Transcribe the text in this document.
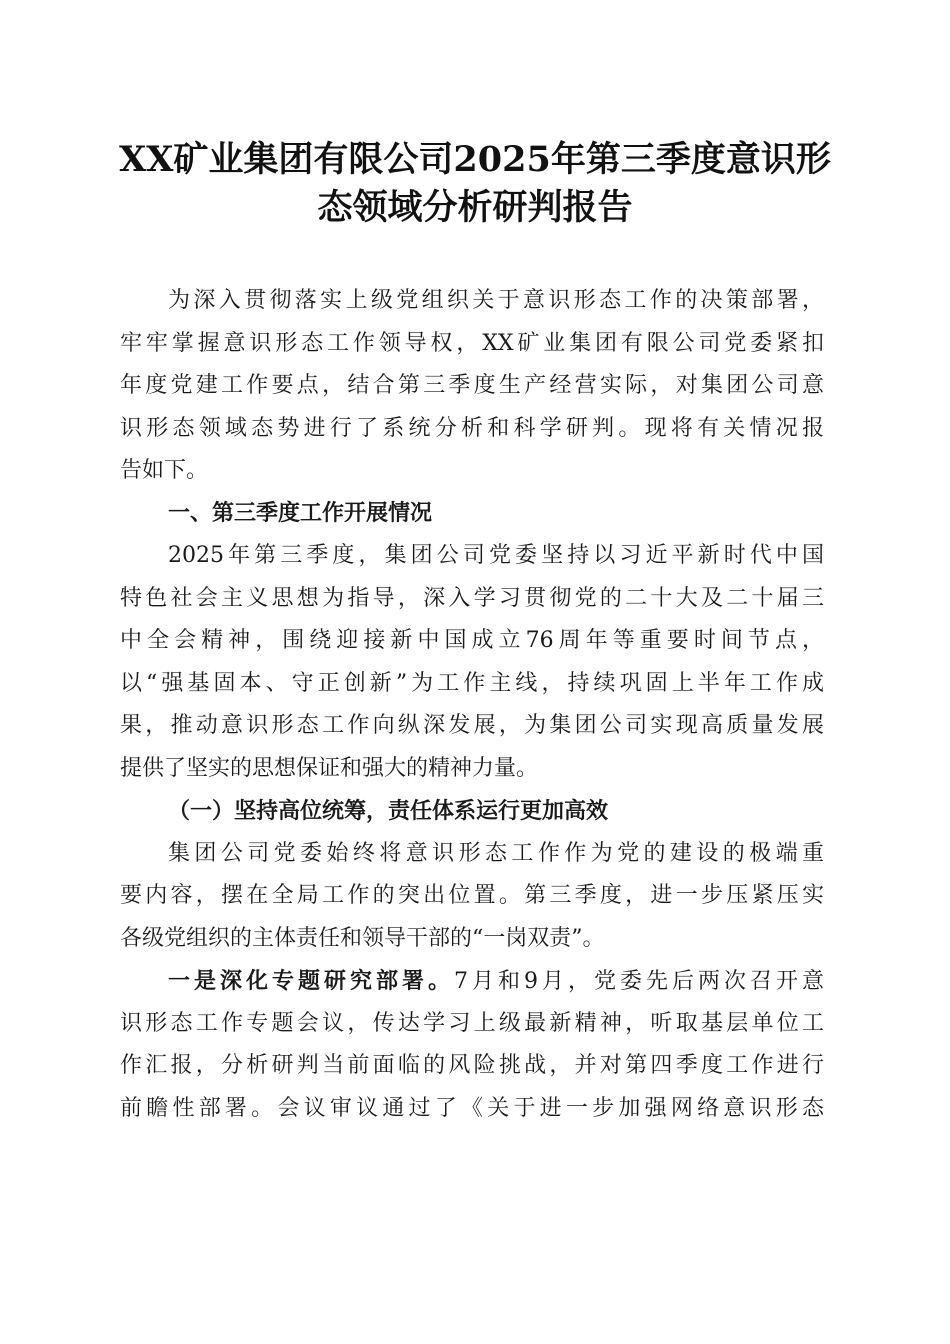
XX矿业集团有限公司2025年第三季度意识形
态领域分析研判报告
为深入贯彻落实上级党组织关于意识形态工作的决策部署，
牢牢掌握意识形态工作领导权，XX矿业集团有限公司党委紧扣
年度党建工作要点，结合第三季度生产经营实际，对集团公司意
识形态领域态势进行了系统分析和科学研判。现将有关情况报
告如下。
一、第三季度工作开展情况
2025年第三季度，集团公司党委坚持以习近平新时代中国
特色社会主义思想为指导，深入学习贯彻党的二十大及二十届三
中全会精神，围绕迎接新中国成立76周年等重要时间节点，
以“强基固本、守正创新”为工作主线，持续巩固上半年工作成
果，推动意识形态工作向纵深发展，为集团公司实现高质量发展
提供了坚实的思想保证和强大的精神力量。
（一）坚持高位统筹，责任体系运行更加高效
集团公司党委始终将意识形态工作作为党的建设的极端重
要内容，摆在全局工作的突出位置。第三季度，进一步压紧压实
各级党组织的主体责任和领导干部的“一岗双责”。
一是深化专题研究部署。7月和9月，党委先后两次召开意
识形态工作专题会议，传达学习上级最新精神，听取基层单位工
作汇报，分析研判当前面临的风险挑战，并对第四季度工作进行
前瞻性部署。会议审议通过了《关于进一步加强网络意识形态
